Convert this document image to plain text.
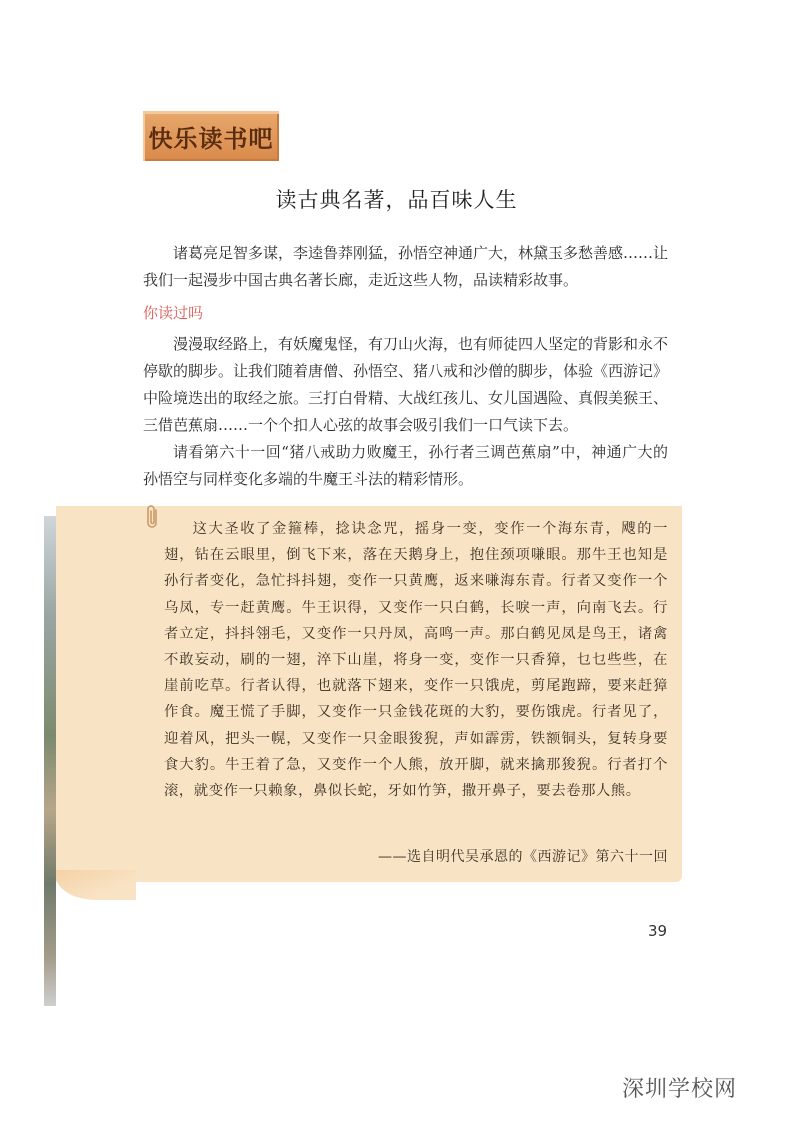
快乐读书吧
读古典名著，品百味人生

诸葛亮足智多谋，李逵鲁莽刚猛，孙悟空神通广大，林黛玉多愁善感……让我们一起漫步中国古典名著长廊，走近这些人物，品读精彩故事。

你读过吗

漫漫取经路上，有妖魔鬼怪，有刀山火海，也有师徒四人坚定的背影和永不停歇的脚步。让我们随着唐僧、孙悟空、猪八戒和沙僧的脚步，体验《西游记》中险境迭出的取经之旅。三打白骨精、大战红孩儿、女儿国遇险、真假美猴王、三借芭蕉扇……一个个扣人心弦的故事会吸引我们一口气读下去。

请看第六十一回“猪八戒助力败魔王，孙行者三调芭蕉扇”中，神通广大的孙悟空与同样变化多端的牛魔王斗法的精彩情形。

这大圣收了金箍棒，捻诀念咒，摇身一变，变作一个海东青，飕的一翅，钻在云眼里，倒飞下来，落在天鹅身上，抱住颈项嗛眼。那牛王也知是孙行者变化，急忙抖抖翅，变作一只黄鹰，返来嗛海东青。行者又变作一个乌凤，专一赶黄鹰。牛王识得，又变作一只白鹤，长唳一声，向南飞去。行者立定，抖抖翎毛，又变作一只丹凤，高鸣一声。那白鹤见凤是鸟王，诸禽不敢妄动，刷的一翅，淬下山崖，将身一变，变作一只香獐，乜乜些些，在崖前吃草。行者认得，也就落下翅来，变作一只饿虎，剪尾跑蹄，要来赶獐作食。魔王慌了手脚，又变作一只金钱花斑的大豹，要伤饿虎。行者见了，迎着风，把头一幌，又变作一只金眼狻猊，声如霹雳，铁额铜头，复转身要食大豹。牛王着了急，又变作一个人熊，放开脚，就来擒那狻猊。行者打个滚，就变作一只赖象，鼻似长蛇，牙如竹笋，撒开鼻子，要去卷那人熊。

——选自明代吴承恩的《西游记》第六十一回
39
深圳学校网
